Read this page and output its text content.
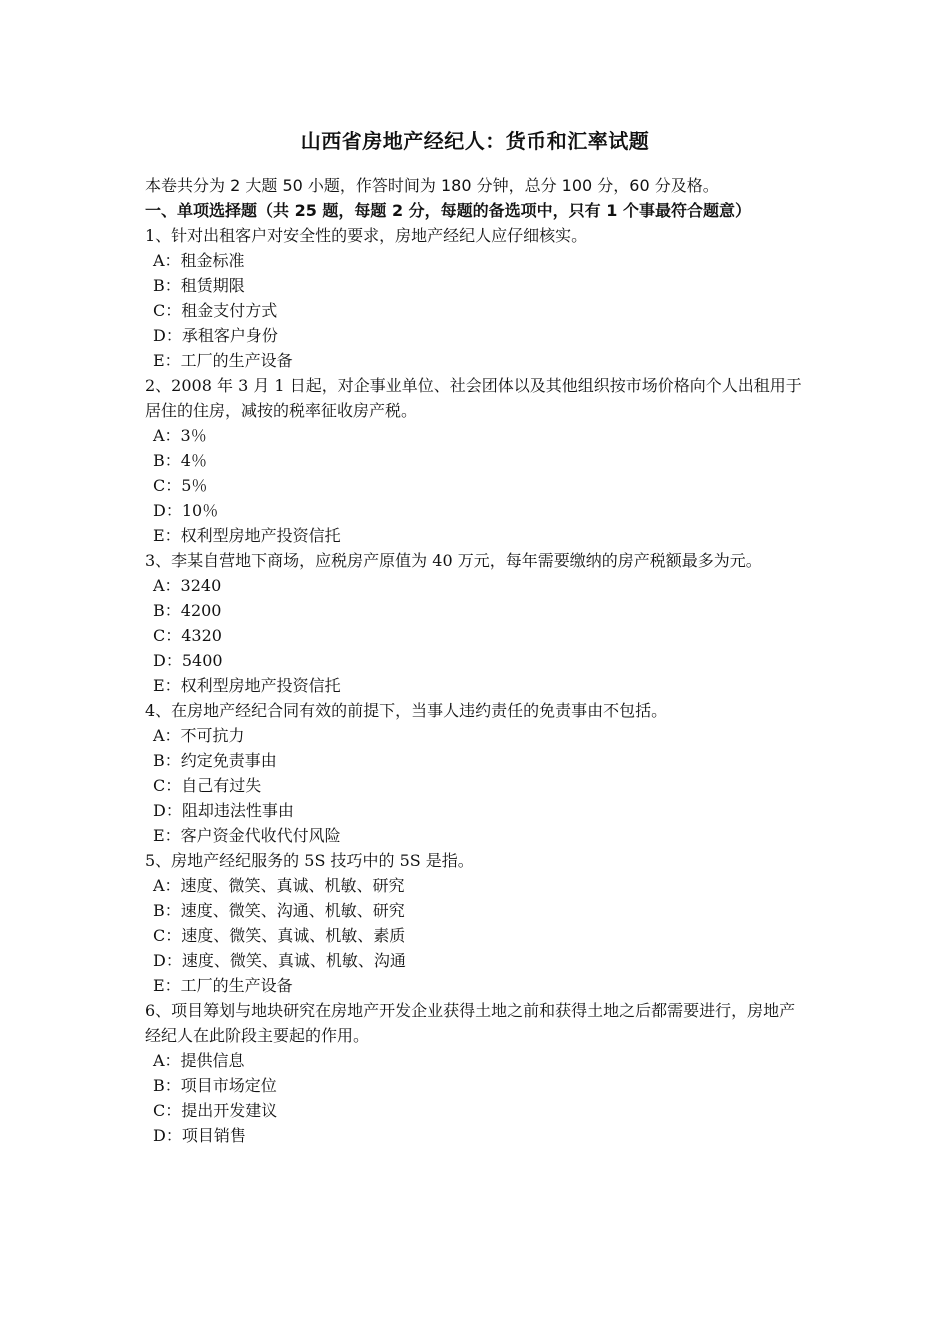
山西省房地产经纪人：货币和汇率试题
本卷共分为 2 大题 50 小题，作答时间为 180 分钟，总分 100 分，60 分及格。
一、单项选择题（共 25 题，每题 2 分，每题的备选项中，只有 1 个事最符合题意）
1、针对出租客户对安全性的要求，房地产经纪人应仔细核实。
A：租金标准
B：租赁期限
C：租金支付方式
D：承租客户身份
E：工厂的生产设备
2、2008 年 3 月 1 日起，对企事业单位、社会团体以及其他组织按市场价格向个人出租用于居住的住房，减按的税率征收房产税。
A：3％
B：4％
C：5％
D：10％
E：权利型房地产投资信托
3、李某自营地下商场，应税房产原值为 40 万元，每年需要缴纳的房产税额最多为元。
A：3240
B：4200
C：4320
D：5400
E：权利型房地产投资信托
4、在房地产经纪合同有效的前提下，当事人违约责任的免责事由不包括。
A：不可抗力
B：约定免责事由
C：自己有过失
D：阻却违法性事由
E：客户资金代收代付风险
5、房地产经纪服务的 5S 技巧中的 5S 是指。
A：速度、微笑、真诚、机敏、研究
B：速度、微笑、沟通、机敏、研究
C：速度、微笑、真诚、机敏、素质
D：速度、微笑、真诚、机敏、沟通
E：工厂的生产设备
6、项目筹划与地块研究在房地产开发企业获得土地之前和获得土地之后都需要进行，房地产经纪人在此阶段主要起的作用。
A：提供信息
B：项目市场定位
C：提出开发建议
D：项目销售
